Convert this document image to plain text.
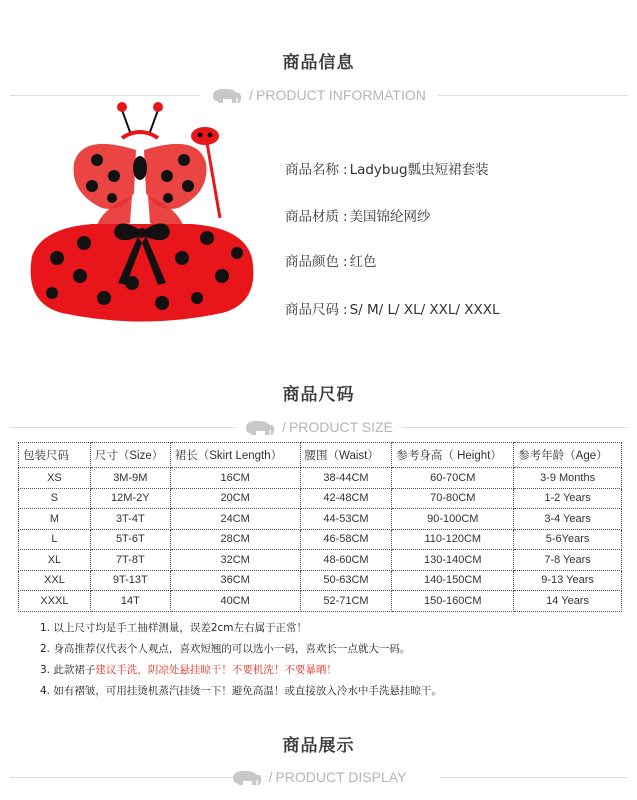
商品信息
/ PRODUCT INFORMATION
商品名称 : Ladybug瓢虫短裙套装
商品材质 : 美国锦纶网纱
商品颜色 : 红色
商品尺码 : S/ M/ L/ XL/ XXL/ XXXL
商品尺码
/ PRODUCT SIZE
包装尺码	尺寸（Size）	裙长（Skirt Length）	腰围（Waist）	参考身高（ Height）	参考年龄（Age）
XS	3M-9M	16CM	38-44CM	60-70CM	3-9 Months
S	12M-2Y	20CM	42-48CM	70-80CM	1-2 Years
M	3T-4T	24CM	44-53CM	90-100CM	3-4 Years
L	5T-6T	28CM	46-58CM	110-120CM	5-6Years
XL	7T-8T	32CM	48-60CM	130-140CM	7-8 Years
XXL	9T-13T	36CM	50-63CM	140-150CM	9-13 Years
XXXL	14T	40CM	52-71CM	150-160CM	14 Years
1. 以上尺寸均是手工抽样测量，误差2cm左右属于正常！
2. 身高推荐仅代表个人观点，喜欢短翘的可以选小一码，喜欢长一点就大一码。
3. 此款裙子建议手洗，阴凉处悬挂晾干！不要机洗！不要暴晒！
4. 如有褶皱，可用挂烫机蒸汽挂烫一下！避免高温！或直接放入冷水中手洗悬挂晾干。
商品展示
/ PRODUCT DISPLAY
